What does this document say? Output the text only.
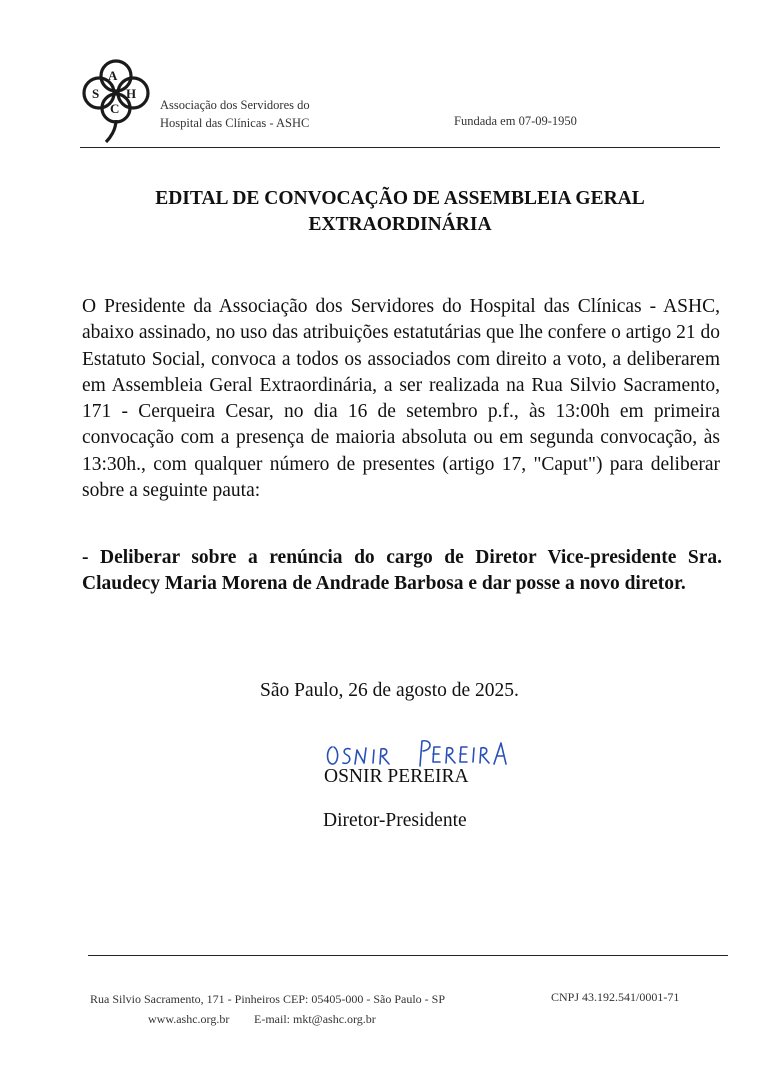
A
S H
C	Associação dos Servidores do
Hospital das Clínicas - ASHC	Fundada em 07-09-1950
EDITAL DE CONVOCAÇÃO DE ASSEMBLEIA GERAL
EXTRAORDINÁRIA
O Presidente da Associação dos Servidores do Hospital das Clínicas - ASHC, abaixo assinado, no uso das atribuições estatutárias que lhe confere o artigo 21 do Estatuto Social, convoca a todos os associados com direito a voto, a deliberarem em Assembleia Geral Extraordinária, a ser realizada na Rua Silvio Sacramento, 171 - Cerqueira Cesar, no dia 16 de setembro p.f., às 13:00h em primeira convocação com a presença de maioria absoluta ou em segunda convocação, às 13:30h., com qualquer número de presentes (artigo 17, "Caput") para deliberar sobre a seguinte pauta:
- Deliberar sobre a renúncia do cargo de Diretor Vice-presidente Sra. Claudecy Maria Morena de Andrade Barbosa e dar posse a novo diretor.
São Paulo, 26 de agosto de 2025.
OSNIR PEREIRA
Diretor-Presidente
Rua Silvio Sacramento, 171 - Pinheiros CEP: 05405-000 - São Paulo - SP	CNPJ 43.192.541/0001-71
www.ashc.org.br E-mail: mkt@ashc.org.br
